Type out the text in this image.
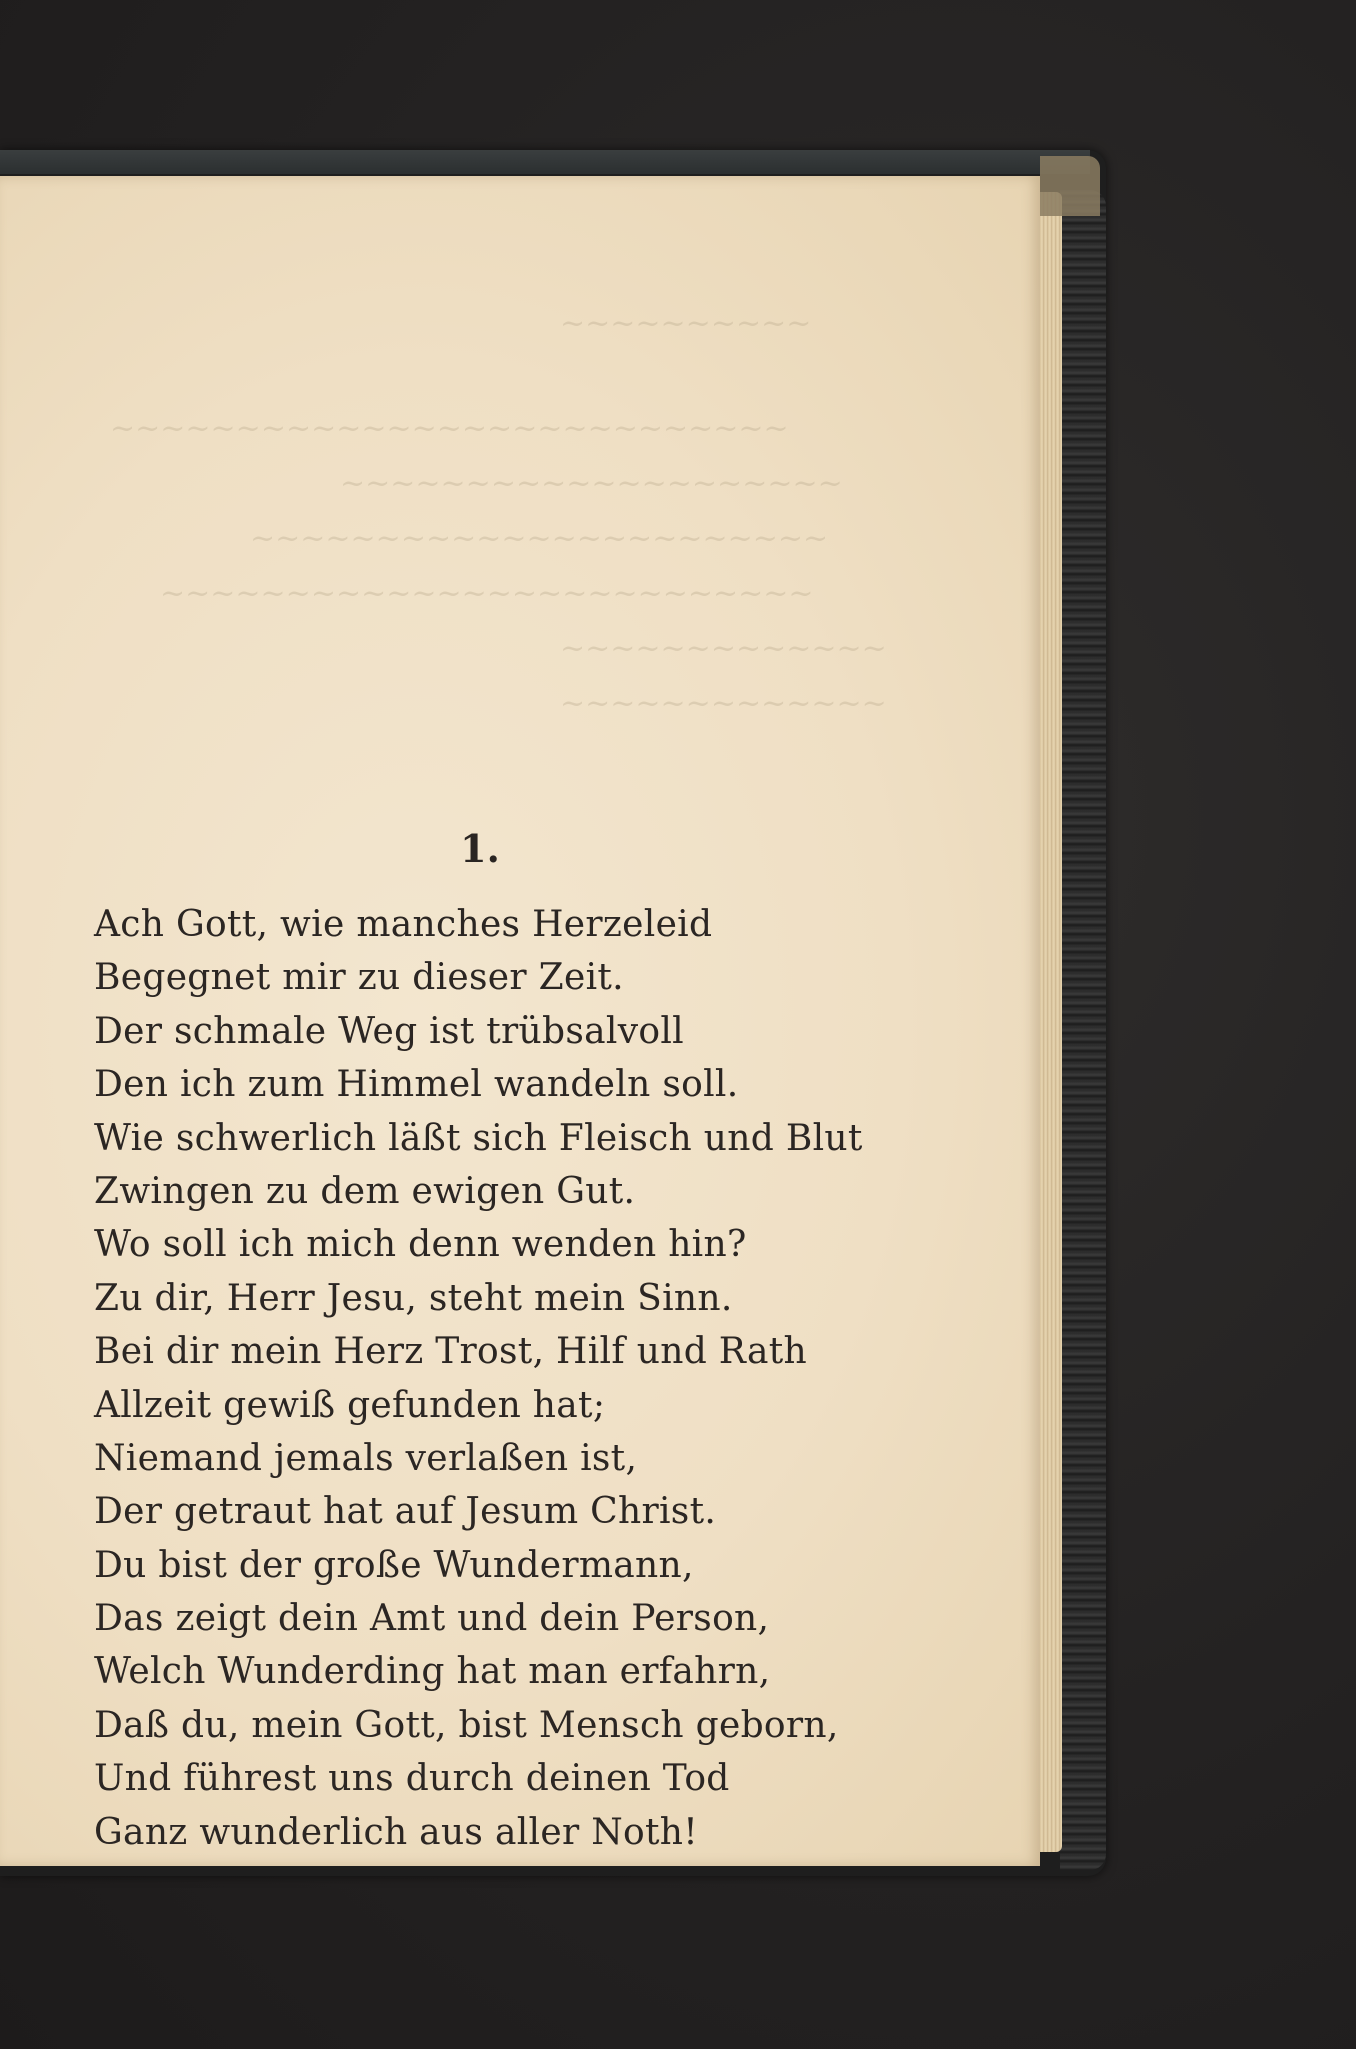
~~~~~~~~~~
~~~~~~~~~~~~~~~~~~~~~~~~~~~
~~~~~~~~~~~~~~~~~~~~
~~~~~~~~~~~~~~~~~~~~~~~
~~~~~~~~~~~~~~~~~~~~~~~~~~
~~~~~~~~~~~~~
~~~~~~~~~~~~~
1.
Ach Gott, wie manches Herzeleid
Begegnet mir zu dieser Zeit.
Der schmale Weg ist trübsalvoll
Den ich zum Himmel wandeln soll.
Wie schwerlich läßt sich Fleisch und Blut
Zwingen zu dem ewigen Gut.
Wo soll ich mich denn wenden hin?
Zu dir, Herr Jesu, steht mein Sinn.
Bei dir mein Herz Trost, Hilf und Rath
Allzeit gewiß gefunden hat;
Niemand jemals verlaßen ist,
Der getraut hat auf Jesum Christ.
Du bist der große Wundermann,
Das zeigt dein Amt und dein Person,
Welch Wunderding hat man erfahrn,
Daß du, mein Gott, bist Mensch geborn,
Und führest uns durch deinen Tod
Ganz wunderlich aus aller Noth!
